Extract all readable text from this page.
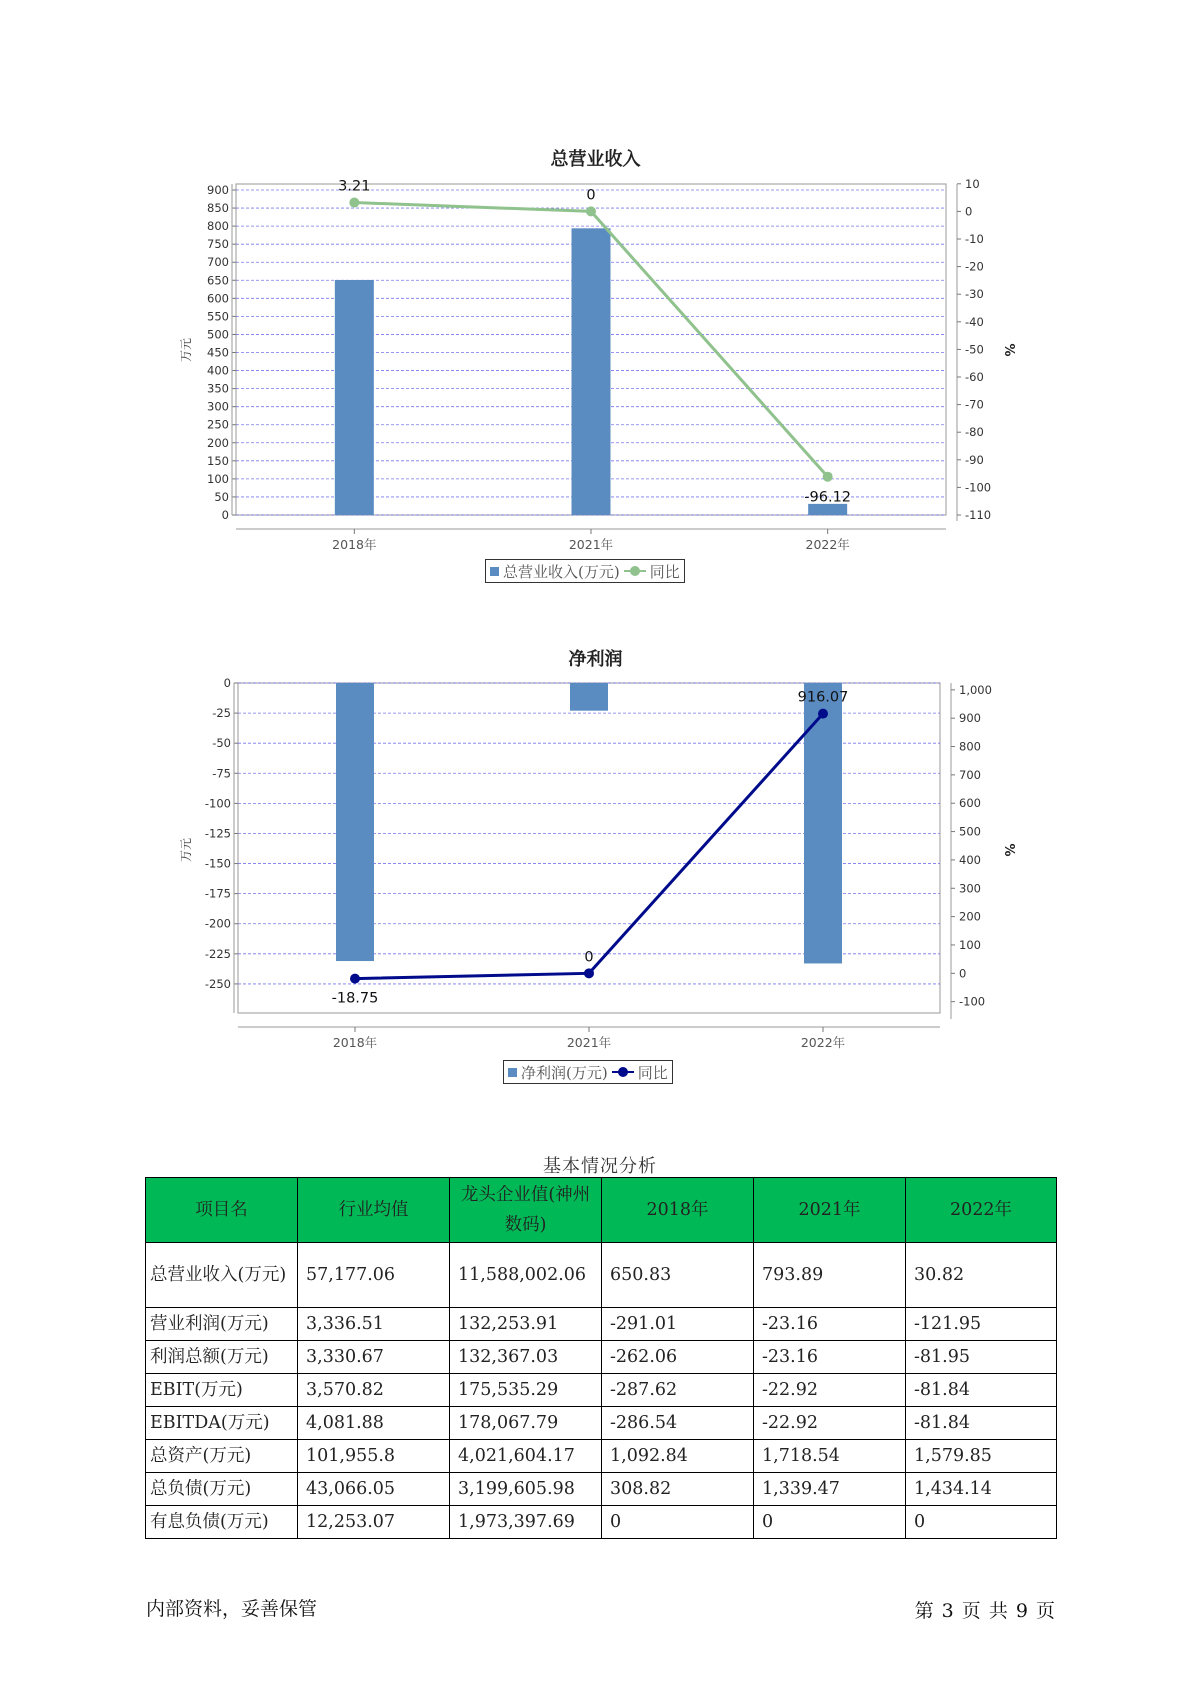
总营业收入
0
50
100
150
200
250
300
350
400
450
500
550
600
650
700
750
800
850
900	10
0
-10
-20
-30
-40
-50
-60
-70
-80
-90
-100
-110
2018年	2021年	2022年
万元	%
3.21
0
-96.12
总营业收入(万元) 同比
净利润
0
-25
-50
-75
-100
-125
-150
-175
-200
-225
-250
1,000
900
800
700
600
500
400
300
200
100
0
-100
2018年	2021年	2022年
万元	%
-18.75
0
916.07
净利润(万元) 同比
基本情况分析
项目名	行业均值	龙头企业值(神州数码)	2018年	2021年	2022年
总营业收入(万元)	57,177.06	11,588,002.06	650.83	793.89	30.82
营业利润(万元)	3,336.51	132,253.91	-291.01	-23.16	-121.95
利润总额(万元)	3,330.67	132,367.03	-262.06	-23.16	-81.95
EBIT(万元)	3,570.82	175,535.29	-287.62	-22.92	-81.84
EBITDA(万元)	4,081.88	178,067.79	-286.54	-22.92	-81.84
总资产(万元)	101,955.8	4,021,604.17	1,092.84	1,718.54	1,579.85
总负债(万元)	43,066.05	3,199,605.98	308.82	1,339.47	1,434.14
有息负债(万元)	12,253.07	1,973,397.69	0	0	0
内部资料，妥善保管	第 3 页 共 9 页
